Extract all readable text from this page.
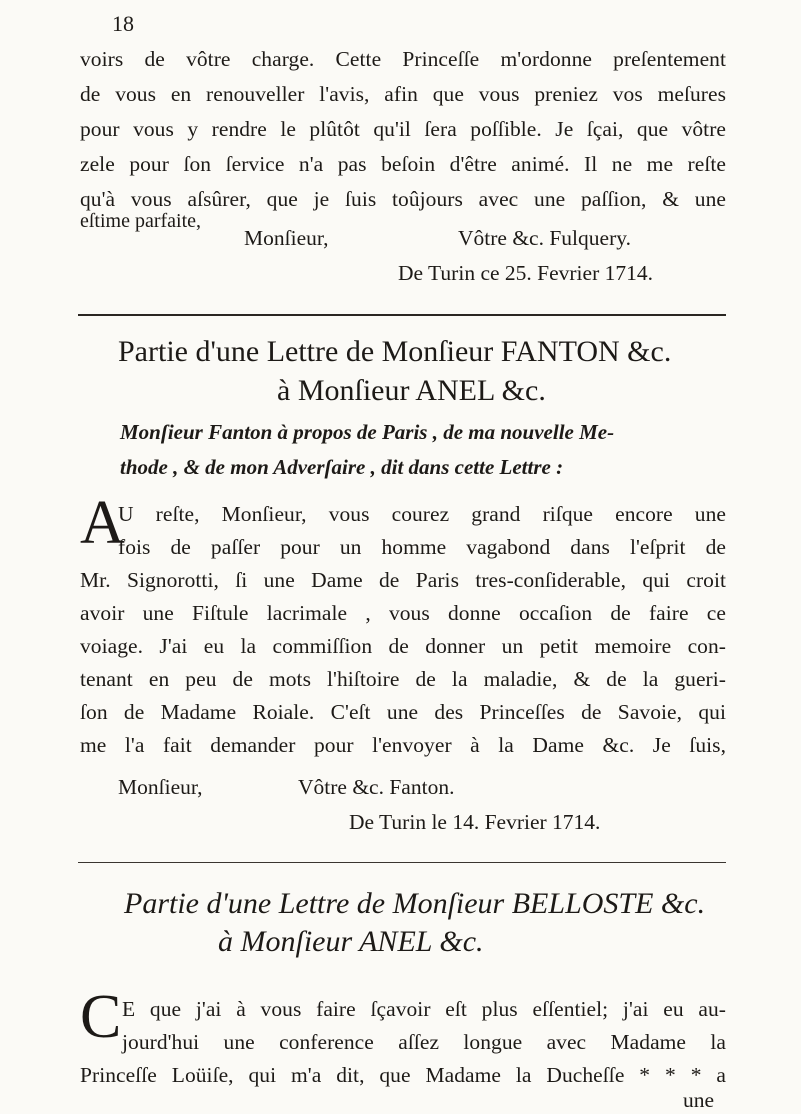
18
voirs de vôtre charge. Cette Princeſſe m'ordonne preſentement
de vous en renouveller l'avis, afin que vous preniez vos meſures
pour vous y rendre le plûtôt qu'il ſera poſſible. Je ſçai, que vôtre
zele pour ſon ſervice n'a pas beſoin d'être animé. Il ne me reſte
qu'à vous aſsûrer, que je ſuis toûjours avec une paſſion, & une
eſtime parfaite,
Monſieur,	Vôtre &c. Fulquery.
De Turin ce 25. Fevrier 1714.
Partie d'une Lettre de Monſieur FANTON &c.
à Monſieur ANEL &c.
Monſieur Fanton à propos de Paris , de ma nouvelle Me-
thode , & de mon Adverſaire , dit dans cette Lettre :
A
U reſte, Monſieur, vous courez grand riſque encore une
fois de paſſer pour un homme vagabond dans l'eſprit de
Mr. Signorotti, ſi une Dame de Paris tres-conſiderable, qui croit
avoir une Fiſtule lacrimale , vous donne occaſion de faire ce
voiage. J'ai eu la commiſſion de donner un petit memoire con-
tenant en peu de mots l'hiſtoire de la maladie, & de la gueri-
ſon de Madame Roiale. C'eſt une des Princeſſes de Savoie, qui
me l'a fait demander pour l'envoyer à la Dame &c. Je ſuis,
Monſieur,	Vôtre &c. Fanton.
De Turin le 14. Fevrier 1714.
Partie d'une Lettre de Monſieur BELLOSTE &c.
à Monſieur ANEL &c.
C E que j'ai à vous faire ſçavoir eſt plus eſſentiel; j'ai eu au-
jourd'hui une conference aſſez longue avec Madame la
Princeſſe Loüiſe, qui m'a dit, que Madame la Ducheſſe * * * a
une
